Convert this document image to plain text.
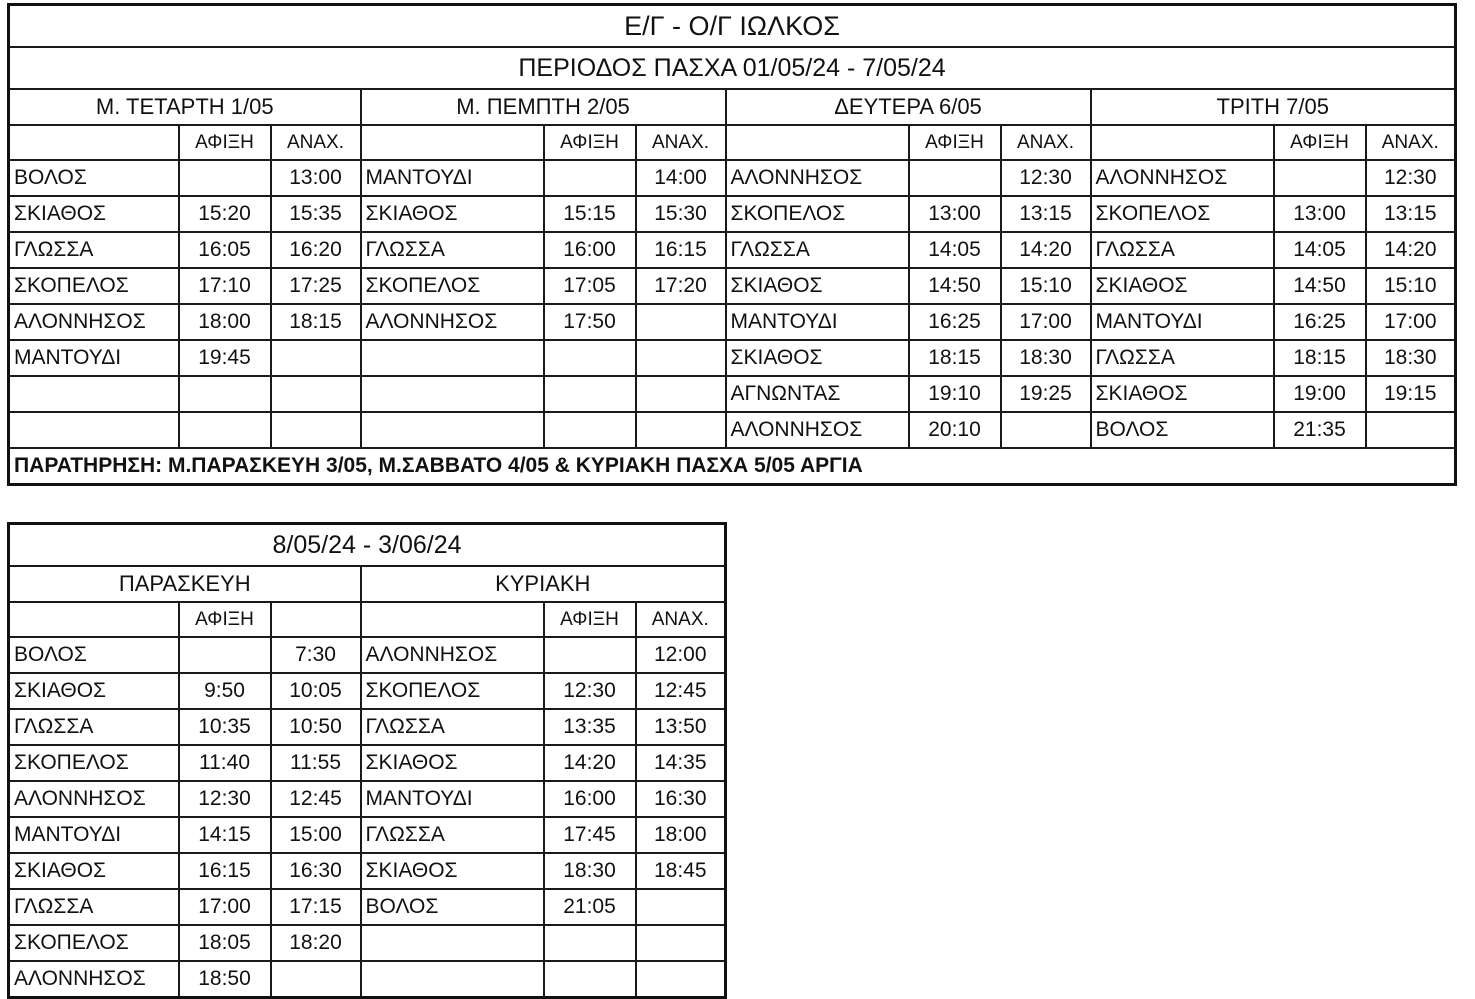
Ε/Γ - Ο/Γ ΙΩΛΚΟΣ											
ΠΕΡΙΟΔΟΣ ΠΑΣΧΑ 01/05/24 - 7/05/24											
Μ. ΤΕΤΑΡΤΗ 1/05			Μ. ΠΕΜΠΤΗ 2/05			ΔΕΥΤΕΡΑ 6/05			ΤΡΙΤΗ 7/05		
	ΑΦΙΞΗ	ΑΝΑΧ.		ΑΦΙΞΗ	ΑΝΑΧ.		ΑΦΙΞΗ	ΑΝΑΧ.		ΑΦΙΞΗ	ΑΝΑΧ.
ΒΟΛΟΣ		13:00	ΜΑΝΤΟΥΔΙ		14:00	ΑΛΟΝΝΗΣΟΣ		12:30	ΑΛΟΝΝΗΣΟΣ		12:30
ΣΚΙΑΘΟΣ	15:20	15:35	ΣΚΙΑΘΟΣ	15:15	15:30	ΣΚΟΠΕΛΟΣ	13:00	13:15	ΣΚΟΠΕΛΟΣ	13:00	13:15
ΓΛΩΣΣΑ	16:05	16:20	ΓΛΩΣΣΑ	16:00	16:15	ΓΛΩΣΣΑ	14:05	14:20	ΓΛΩΣΣΑ	14:05	14:20
ΣΚΟΠΕΛΟΣ	17:10	17:25	ΣΚΟΠΕΛΟΣ	17:05	17:20	ΣΚΙΑΘΟΣ	14:50	15:10	ΣΚΙΑΘΟΣ	14:50	15:10
ΑΛΟΝΝΗΣΟΣ	18:00	18:15	ΑΛΟΝΝΗΣΟΣ	17:50		ΜΑΝΤΟΥΔΙ	16:25	17:00	ΜΑΝΤΟΥΔΙ	16:25	17:00
ΜΑΝΤΟΥΔΙ	19:45					ΣΚΙΑΘΟΣ	18:15	18:30	ΓΛΩΣΣΑ	18:15	18:30
						ΑΓΝΩΝΤΑΣ	19:10	19:25	ΣΚΙΑΘΟΣ	19:00	19:15
						ΑΛΟΝΝΗΣΟΣ	20:10		ΒΟΛΟΣ	21:35	
ΠΑΡΑΤΗΡΗΣΗ: Μ.ΠΑΡΑΣΚΕΥΗ 3/05, Μ.ΣΑΒΒΑΤΟ 4/05 & ΚΥΡΙΑΚΗ ΠΑΣΧΑ 5/05 ΑΡΓΙΑ											
8/05/24 - 3/06/24					
ΠΑΡΑΣΚΕΥΗ			ΚΥΡΙΑΚΗ		
	ΑΦΙΞΗ			ΑΦΙΞΗ	ΑΝΑΧ.
ΒΟΛΟΣ		7:30	ΑΛΟΝΝΗΣΟΣ		12:00
ΣΚΙΑΘΟΣ	9:50	10:05	ΣΚΟΠΕΛΟΣ	12:30	12:45
ΓΛΩΣΣΑ	10:35	10:50	ΓΛΩΣΣΑ	13:35	13:50
ΣΚΟΠΕΛΟΣ	11:40	11:55	ΣΚΙΑΘΟΣ	14:20	14:35
ΑΛΟΝΝΗΣΟΣ	12:30	12:45	ΜΑΝΤΟΥΔΙ	16:00	16:30
ΜΑΝΤΟΥΔΙ	14:15	15:00	ΓΛΩΣΣΑ	17:45	18:00
ΣΚΙΑΘΟΣ	16:15	16:30	ΣΚΙΑΘΟΣ	18:30	18:45
ΓΛΩΣΣΑ	17:00	17:15	ΒΟΛΟΣ	21:05	
ΣΚΟΠΕΛΟΣ	18:05	18:20			
ΑΛΟΝΝΗΣΟΣ	18:50				
